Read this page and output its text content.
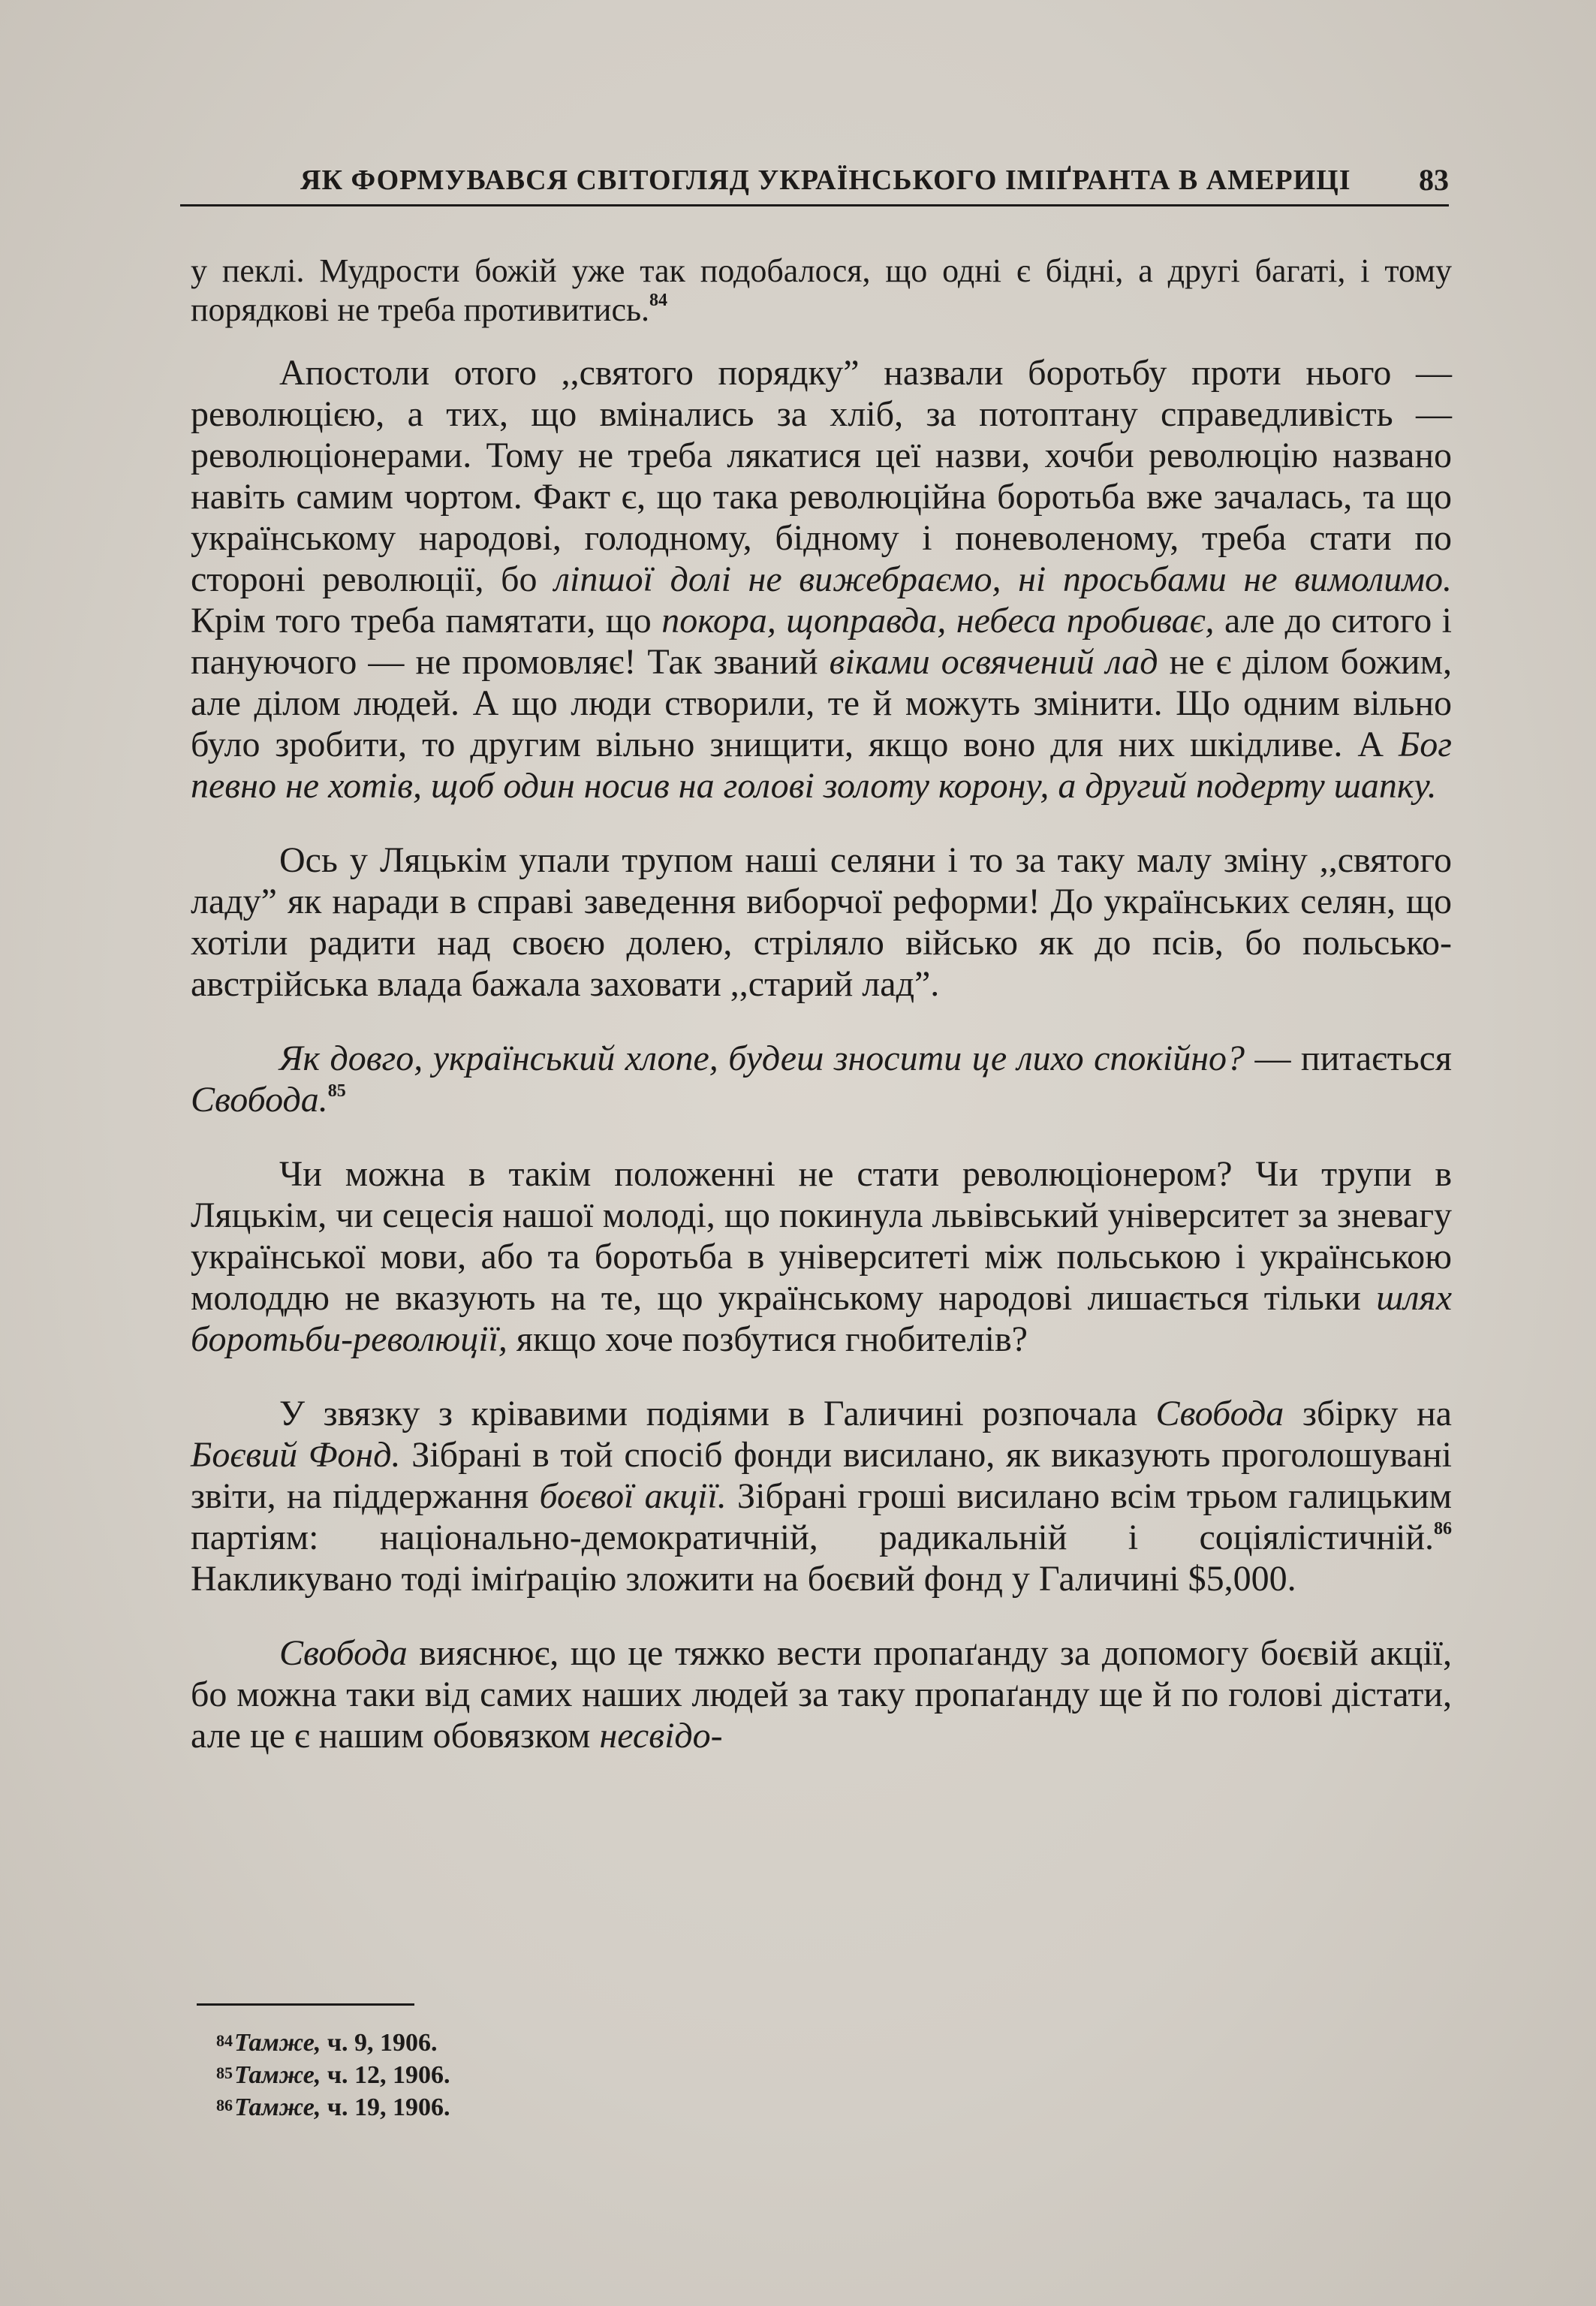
ЯК ФОРМУВАВСЯ СВІТОГЛЯД УКРАЇНСЬКОГО ІМІҐРАНТА В АМЕРИЦІ 83

у пеклі. Мудрости божій уже так подобалося, що одні є бідні, а другі багаті, і тому порядкові не треба противитись.$^{84}$

Апостоли отого ,,святого порядку” назвали боротьбу проти нього — революцією, а тих, що вмінались за хліб, за потоптану справедливість — революціонерами. Тому не треба лякатися цеї назви, хочби революцію названо навіть самим чортом. Факт є, що така революційна боротьба вже зачалась, та що українському народові, голодному, бідному і поневоленому, треба стати по стороні революції, бо ліпшої долі не вижебраємо, ні просьбами не вимолимо. Крім того треба памятати, що покора, щоправда, небеса пробиває, але до ситого і пануючого — не промовляє! Так званий віками освячений лад не є ділом божим, але ділом людей. А що люди створили, те й можуть змінити. Що одним вільно було зробити, то другим вільно знищити, якщо воно для них шкідливе. А Бог певно не хотів, щоб один носив на голові золоту корону, а другий подерту шапку.

Ось у Ляцькім упали трупом наші селяни і то за таку малу зміну ,,святого ладу” як наради в справі заведення виборчої реформи! До українських селян, що хотіли радити над своєю долею, стріляло військо як до псів, бо польсько-австрійська влада бажала заховати ,,старий лад”.

Як довго, український хлопе, будеш зносити це лихо спокійно? — питається Свобода.$^{85}$

Чи можна в такім положенні не стати революціонером? Чи трупи в Ляцькім, чи сецесія нашої молоді, що покинула львівський університет за зневагу української мови, або та боротьба в університеті між польською і українською молоддю не вказують на те, що українському народові лишається тільки шлях боротьби-революції, якщо хоче позбутися гнобителів?

У звязку з крівавими подіями в Галичині розпочала Свобода збірку на Боєвий Фонд. Зібрані в той спосіб фонди висилано, як виказують проголошувані звіти, на піддержання боєвої акції. Зібрані гроші висилано всім трьом галицьким партіям: національно-демократичній, радикальній і соціялістичній.$^{86}$ Накликувано тоді іміґрацію зложити на боєвий фонд у Галичині $5,000.

Свобода вияснює, що це тяжко вести пропаґанду за допомогу боєвій акції, бо можна таки від самих наших людей за таку пропаґанду ще й по голові дістати, але це є нашим обовязком несвідо-

84Тамже, ч. 9, 1906.
85Тамже, ч. 12, 1906.
86Тамже, ч. 19, 1906.
